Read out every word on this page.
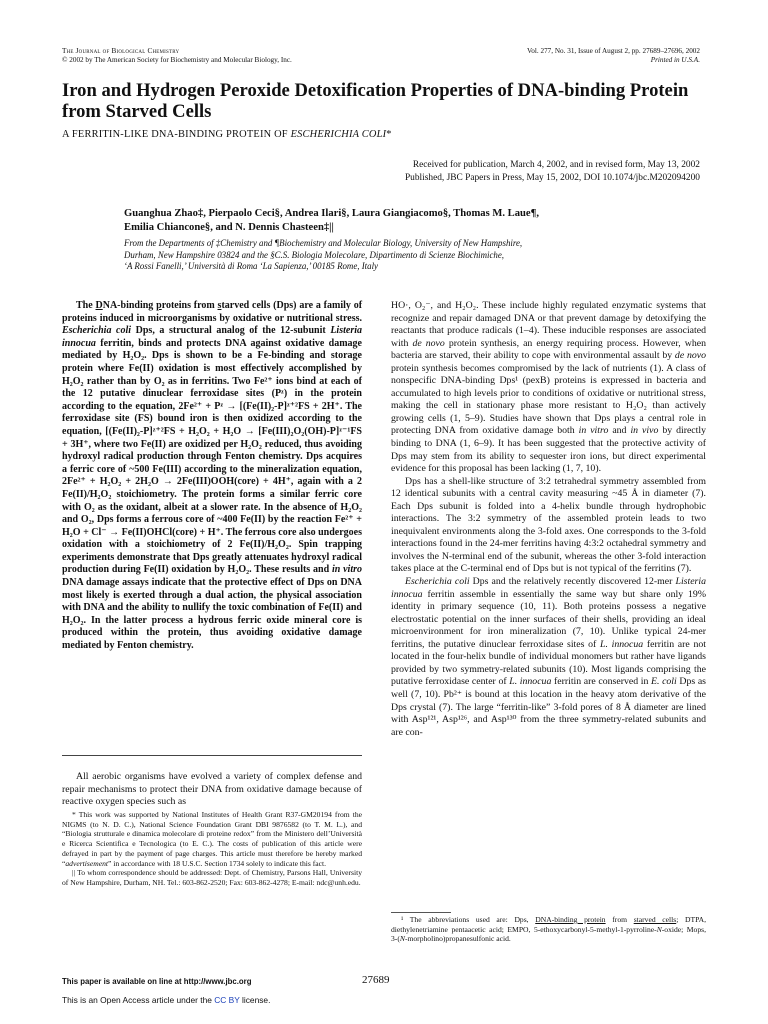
The Journal of Biological Chemistry
© 2002 by The American Society for Biochemistry and Molecular Biology, Inc.
Vol. 277, No. 31, Issue of August 2, pp. 27689–27696, 2002
Printed in U.S.A.
Iron and Hydrogen Peroxide Detoxification Properties of DNA-binding Protein from Starved Cells
A FERRITIN-LIKE DNA-BINDING PROTEIN OF ESCHERICHIA COLI*
Received for publication, March 4, 2002, and in revised form, May 13, 2002
Published, JBC Papers in Press, May 15, 2002, DOI 10.1074/jbc.M202094200
Guanghua Zhao‡, Pierpaolo Ceci§, Andrea Ilari§, Laura Giangiacomo§, Thomas M. Laue¶,
Emilia Chiancone§, and N. Dennis Chasteen‡||
From the Departments of ‡Chemistry and ¶Biochemistry and Molecular Biology, University of New Hampshire,
Durham, New Hampshire 03824 and the §C.S. Biologia Molecolare, Dipartimento di Scienze Biochimiche,
‘A Rossi Fanelli,’ Università di Roma ‘La Sapienza,’ 00185 Rome, Italy

The DNA-binding proteins from starved cells (Dps) are a family of proteins induced in microorganisms by oxidative or nutritional stress. Escherichia coli Dps, a structural analog of the 12-subunit Listeria innocua ferritin, binds and protects DNA against oxidative damage mediated by H₂O₂. Dps is shown to be a Fe-binding and storage protein where Fe(II) oxidation is most effectively accomplished by H₂O₂ rather than by O₂ as in ferritins. Two Fe²⁺ ions bind at each of the 12 putative dinuclear ferroxidase sites (Pᶻ) in the protein according to the equation, 2Fe²⁺ + Pᶻ → [(Fe(II)₂-P]ᶻ⁺²FS + 2H⁺. The ferroxidase site (FS) bound iron is then oxidized according to the equation, [(Fe(II)₂-P]ᶻ⁺²FS + H₂O₂ + H₂O → [Fe(III)₂O₂(OH)-P]ᶻ⁻¹FS + 3H⁺, where two Fe(II) are oxidized per H₂O₂ reduced, thus avoiding hydroxyl radical production through Fenton chemistry. Dps acquires a ferric core of ~500 Fe(III) according to the mineralization equation, 2Fe²⁺ + H₂O₂ + 2H₂O → 2Fe(III)OOH(core) + 4H⁺, again with a 2 Fe(II)/H₂O₂ stoichiometry. The protein forms a similar ferric core with O₂ as the oxidant, albeit at a slower rate. In the absence of H₂O₂ and O₂, Dps forms a ferrous core of ~400 Fe(II) by the reaction Fe²⁺ + H₂O + Cl⁻ → Fe(II)OHCl(core) + H⁺. The ferrous core also undergoes oxidation with a stoichiometry of 2 Fe(II)/H₂O₂. Spin trapping experiments demonstrate that Dps greatly attenuates hydroxyl radical production during Fe(II) oxidation by H₂O₂. These results and in vitro DNA damage assays indicate that the protective effect of Dps on DNA most likely is exerted through a dual action, the physical association with DNA and the ability to nullify the toxic combination of Fe(II) and H₂O₂. In the latter process a hydrous ferric oxide mineral core is produced within the protein, thus avoiding oxidative damage mediated by Fenton chemistry.

All aerobic organisms have evolved a variety of complex defense and repair mechanisms to protect their DNA from oxidative damage because of reactive oxygen species such as

* This work was supported by National Institutes of Health Grant R37-GM20194 from the NIGMS (to N. D. C.), National Science Foundation Grant DBI 9876582 (to T. M. L.), and “Biologia strutturale e dinamica molecolare di proteine redox” from the Ministero dell’Università e Ricerca Scientifica e Tecnologica (to E. C.). The costs of publication of this article were defrayed in part by the payment of page charges. This article must therefore be hereby marked “advertisement” in accordance with 18 U.S.C. Section 1734 solely to indicate this fact.

|| To whom correspondence should be addressed: Dept. of Chemistry, Parsons Hall, University of New Hampshire, Durham, NH. Tel.: 603-862-2520; Fax: 603-862-4278; E-mail: ndc@unh.edu.

HO·, O₂⁻, and H₂O₂. These include highly regulated enzymatic systems that recognize and repair damaged DNA or that prevent damage by detoxifying the reactants that produce radicals (1–4). These inducible responses are associated with de novo protein synthesis, an energy requiring process. However, when bacteria are starved, their ability to cope with environmental assault by de novo protein synthesis becomes compromised by the lack of nutrients (1). A class of nonspecific DNA-binding Dps¹ (pexB) proteins is expressed in bacteria and accumulated to high levels prior to conditions of oxidative or nutritional stress, making the cell in stationary phase more resistant to H₂O₂ than actively growing cells (1, 5–9). Studies have shown that Dps plays a central role in protecting DNA from oxidative damage both in vitro and in vivo by directly binding to DNA (1, 6–9). It has been suggested that the protective activity of Dps may stem from its ability to sequester iron ions, but direct experimental evidence for this proposal has been lacking (1, 7, 10).

Dps has a shell-like structure of 3:2 tetrahedral symmetry assembled from 12 identical subunits with a central cavity measuring ~45 Å in diameter (7). Each Dps subunit is folded into a 4-helix bundle through hydrophobic interactions. The 3:2 symmetry of the assembled protein leads to two inequivalent environments along the 3-fold axes. One corresponds to the 3-fold interactions found in the 24-mer ferritins having 4:3:2 octahedral symmetry and involves the N-terminal end of the subunit, whereas the other 3-fold interaction takes place at the C-terminal end of Dps but is not typical of the ferritins (7).

Escherichia coli Dps and the relatively recently discovered 12-mer Listeria innocua ferritin assemble in essentially the same way but share only 19% identity in primary sequence (10, 11). Both proteins possess a negative electrostatic potential on the inner surfaces of their shells, providing an ideal microenvironment for iron mineralization (7, 10). Unlike typical 24-mer ferritins, the putative dinuclear ferroxidase sites of L. innocua ferritin are not located in the four-helix bundle of individual monomers but rather have ligands provided by two symmetry-related subunits (10). Most ligands comprising the putative ferroxidase center of L. innocua ferritin are conserved in E. coli Dps as well (7, 10). Pb²⁺ is bound at this location in the heavy atom derivative of the Dps crystal (7). The large “ferritin-like” 3-fold pores of 8 Å diameter are lined with Asp¹²¹, Asp¹²⁶, and Asp¹³⁰ from the three symmetry-related subunits and are con-

¹ The abbreviations used are: Dps, DNA-binding protein from starved cells; DTPA, diethylenetriamine pentaacetic acid; EMPO, 5-ethoxycarbonyl-5-methyl-1-pyrroline-N-oxide; Mops, 3-(N-morpholino)propanesulfonic acid.

This paper is available on line at http://www.jbc.org	27689
This is an Open Access article under the CC BY license.
